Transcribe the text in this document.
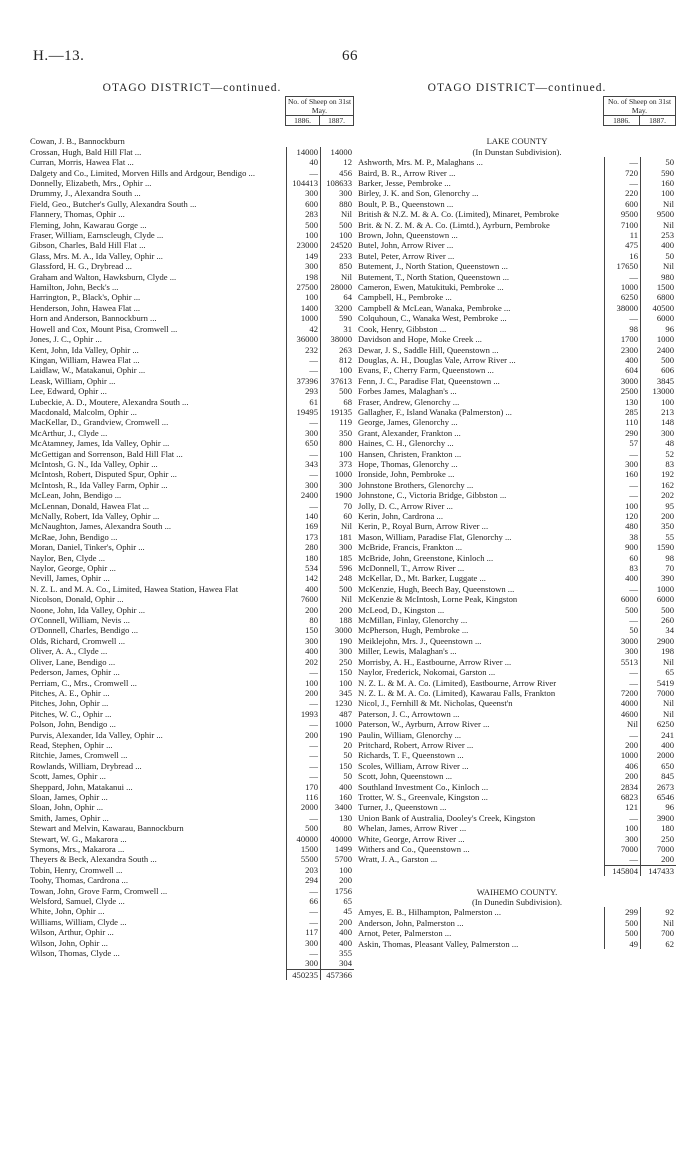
H.—13.	66
OTAGO DISTRICT—continued.
	No. of Sheep on 31st May.	
	1886.	1887.
Cowan, J. B., Bannockburn
Crossan, Hugh, Bald Hill Flat ...	14000	14000
Curran, Morris, Hawea Flat ...	40	12
Dalgety and Co., Limited, Morven Hills and Ardgour, Bendigo ...	—	456
Donnelly, Elizabeth, Mrs., Ophir ...	104413 108633
Drummy, J., Alexandra South ...	300	300
Field, Geo., Butcher's Gully, Alexandra South ...	600	880
Flannery, Thomas, Ophir ...	283	Nil
Fleming, John, Kawarau Gorge ...	500	500
Fraser, William, Earnscleugh, Clyde ...	100	100
Gibson, Charles, Bald Hill Flat ...	23000	24520
Glass, Mrs. M. A., Ida Valley, Ophir ...	149	233
Glassford, H. G., Drybread ...	300	850
Graham and Walton, Hawksburn, Clyde ...	198	Nil
Hamilton, John, Beck's ...	27500	28000
Harrington, P., Black's, Ophir ...	100	64
Henderson, John, Hawea Flat ...	1400	3200
Horn and Anderson, Bannockburn ...	1000	590
Howell and Cox, Mount Pisa, Cromwell ...	42	31
Jones, J. C., Ophir ...	36000	38000
Kent, John, Ida Valley, Ophir ...	232	263
Kingan, William, Hawea Flat ...	—	812
Laidlaw, W., Matakanui, Ophir ...	—	100
Leask, William, Ophir ...	37396	37613
Lee, Edward, Ophir ...	293	500
Lubeckie, A. D., Moutere, Alexandra South ...	61	68
Macdonald, Malcolm, Ophir ...	19495	19135
MacKellar, D., Grandview, Cromwell ...	—	119
McArthur, J., Clyde ...	300	350
McAtamney, James, Ida Valley, Ophir ...	650	800
McGettigan and Sorrenson, Bald Hill Flat ...	—	100
McIntosh, G. N., Ida Valley, Ophir ...	343	373
McIntosh, Robert, Disputed Spur, Ophir ...	—	1000
McIntosh, R., Ida Valley Farm, Ophir ...	300	300
McLean, John, Bendigo ...	2400	1900
McLennan, Donald, Hawea Flat ...	—	70
McNally, Robert, Ida Valley, Ophir ...	140	60
McNaughton, James, Alexandra South ...	169	Nil
McRae, John, Bendigo ...	173	181
Moran, Daniel, Tinker's, Ophir ...	280	300
Naylor, Ben, Clyde ...	180	185
Naylor, George, Ophir ...	534	596
Nevill, James, Ophir ...	142	248
N. Z. L. and M. A. Co., Limited, Hawea Station, Hawea Flat	400	500
Nicolson, Donald, Ophir ...	7600	Nil
Noone, John, Ida Valley, Ophir ...	200	200
O'Connell, William, Nevis ...	80	188
O'Donnell, Charles, Bendigo ...	150	3000
Olds, Richard, Cromwell ...	300	190
Oliver, A. A., Clyde ...	400	300
Oliver, Lane, Bendigo ...	202	250
Pederson, James, Ophir ...	—	150
Perriam, C., Mrs., Cromwell ...	100	100
Pitches, A. E., Ophir ...	200	345
Pitches, John, Ophir ...	—	1230
Pitches, W. C., Ophir ...	1993	487
Polson, John, Bendigo ...	—	1000
Purvis, Alexander, Ida Valley, Ophir ...	200	190
Read, Stephen, Ophir ...	—	20
Ritchie, James, Cromwell ...	—	50
Rowlands, William, Drybread ...	—	150
Scott, James, Ophir ...	—	50
Sheppard, John, Matakanui ...	170	400
Sloan, James, Ophir ...	116	160
Sloan, John, Ophir ...	2000	3400
Smith, James, Ophir ...	—	130
Stewart and Melvin, Kawarau, Bannockburn	500	80
Stewart, W. G., Makarora ...	40000	40000
Symons, Mrs., Makarora ...	1500	1499
Theyers & Beck, Alexandra South ...	5500	5700
Tobin, Henry, Cromwell ...	203	100
Toohy, Thomas, Cardrona ...	294	200
Towan, John, Grove Farm, Cromwell ...	—	1756
Welsford, Samuel, Clyde ...	66	65
White, John, Ophir ...	—	45
Williams, William, Clyde ...	—	200
Wilson, Arthur, Ophir ...	117	400
Wilson, John, Ophir ...	300	400
Wilson, Thomas, Clyde ...	—	355
300	304
450235 457366
OTAGO DISTRICT—continued.
	No. of Sheep on 31st May.	
	1886.	1887.
LAKE COUNTY
(In Dunstan Subdivision).
Ashworth, Mrs. M. P., Malaghans ...	—	50
Baird, B. R., Arrow River ...	720	590
Barker, Jesse, Pembroke ...	—	160
Birley, J. K. and Son, Glenorchy ...	220	100
Boult, P. B., Queenstown ...	600	Nil
British & N.Z. M. & A. Co. (Limited), Minaret, Pembroke	9500	9500
Brit. & N. Z. M. & A. Co. (Limtd.), Ayrburn, Pembroke	7100	Nil
Brown, John, Queenstown ...	11	253
Butel, John, Arrow River ...	475	400
Butel, Peter, Arrow River ...	16	50
Butement, J., North Station, Queenstown ...	17650	Nil
Butement, T., North Station, Queenstown ...	—	980
Cameron, Ewen, Matukituki, Pembroke ...	1000	1500
Campbell, H., Pembroke ...	6250	6800
Campbell & McLean, Wanaka, Pembroke ...	38000	40500
Colquhoun, C., Wanaka West, Pembroke ...	—	6000
Cook, Henry, Gibbston ...	98	96
Davidson and Hope, Moke Creek ...	1700	1000
Dewar, J. S., Saddle Hill, Queenstown ...	2300	2400
Douglas, A. H., Douglas Vale, Arrow River ...	400	500
Evans, F., Cherry Farm, Queenstown ...	604	606
Fenn, J. C., Paradise Flat, Queenstown ...	3000	3845
Forbes James, Malaghan's ...	2500	13000
Fraser, Andrew, Glenorchy ...	130	100
Gallagher, F., Island Wanaka (Palmerston) ...	285	213
George, James, Glenorchy ...	110	148
Grant, Alexander, Frankton ...	290	300
Haines, C. H., Glenorchy ...	57	48
Hansen, Christen, Frankton ...	—	52
Hope, Thomas, Glenorchy ...	300	83
Ironside, John, Pembroke ...	160	192
Johnstone Brothers, Glenorchy ...	—	162
Johnstone, C., Victoria Bridge, Gibbston ...	—	202
Jolly, D. C., Arrow River ...	100	95
Kerin, John, Cardrona ...	120	200
Kerin, P., Royal Burn, Arrow River ...	480	350
Mason, William, Paradise Flat, Glenorchy ...	38	55
McBride, Francis, Frankton ...	900	1590
McBride, John, Greenstone, Kinloch ...	60	98
McDonnell, T., Arrow River ...	83	70
McKellar, D., Mt. Barker, Luggate ...	400	390
McKenzie, Hugh, Beech Bay, Queenstown ...	—	1000
McKenzie & McIntosh, Lorne Peak, Kingston	6000	6000
McLeod, D., Kingston ...	500	500
McMillan, Finlay, Glenorchy ...	—	260
McPherson, Hugh, Pembroke ...	50	34
Meiklejohn, Mrs. J., Queenstown ...	3000	2900
Miller, Lewis, Malaghan's ...	300	198
Morrisby, A. H., Eastbourne, Arrow River ...	5513	Nil
Naylor, Frederick, Nokomai, Garston ...	—	65
N. Z. L. & M. A. Co. (Limited), Eastbourne, Arrow River	—	5419
N. Z. L. & M. A. Co. (Limited), Kawarau Falls, Frankton	7200	7000
Nicol, J., Fernhill & Mt. Nicholas, Queenst'n	4000	Nil
Paterson, J. C., Arrowtown ...	4600	Nil
Paterson, W., Ayrburn, Arrow River ...	Nil	6250
Paulin, William, Glenorchy ...	—	241
Pritchard, Robert, Arrow River ...	200	400
Richards, T. F., Queenstown ...	1000	2000
Scoles, William, Arrow River ...	406	650
Scott, John, Queenstown ...	200	845
Southland Investment Co., Kinloch ...	2834	2673
Trotter, W. S., Greenvale, Kingston ...	6823	6546
Turner, J., Queenstown ...	121	96
Union Bank of Australia, Dooley's Creek, Kingston	—	3900
Whelan, James, Arrow River ...	100	180
White, George, Arrow River ...	300	250
Withers and Co., Queenstown ...	7000	7000
Wratt, J. A., Garston ...	—	200
145804	147433
WAIHEMO COUNTY.
(In Dunedin Subdivision).
Amyes, E. B., Hilhampton, Palmerston ...	299	92
Anderson, John, Palmerston ...	500	Nil
Arnot, Peter, Palmerston ...	500	700
Askin, Thomas, Pleasant Valley, Palmerston ...	49	62
